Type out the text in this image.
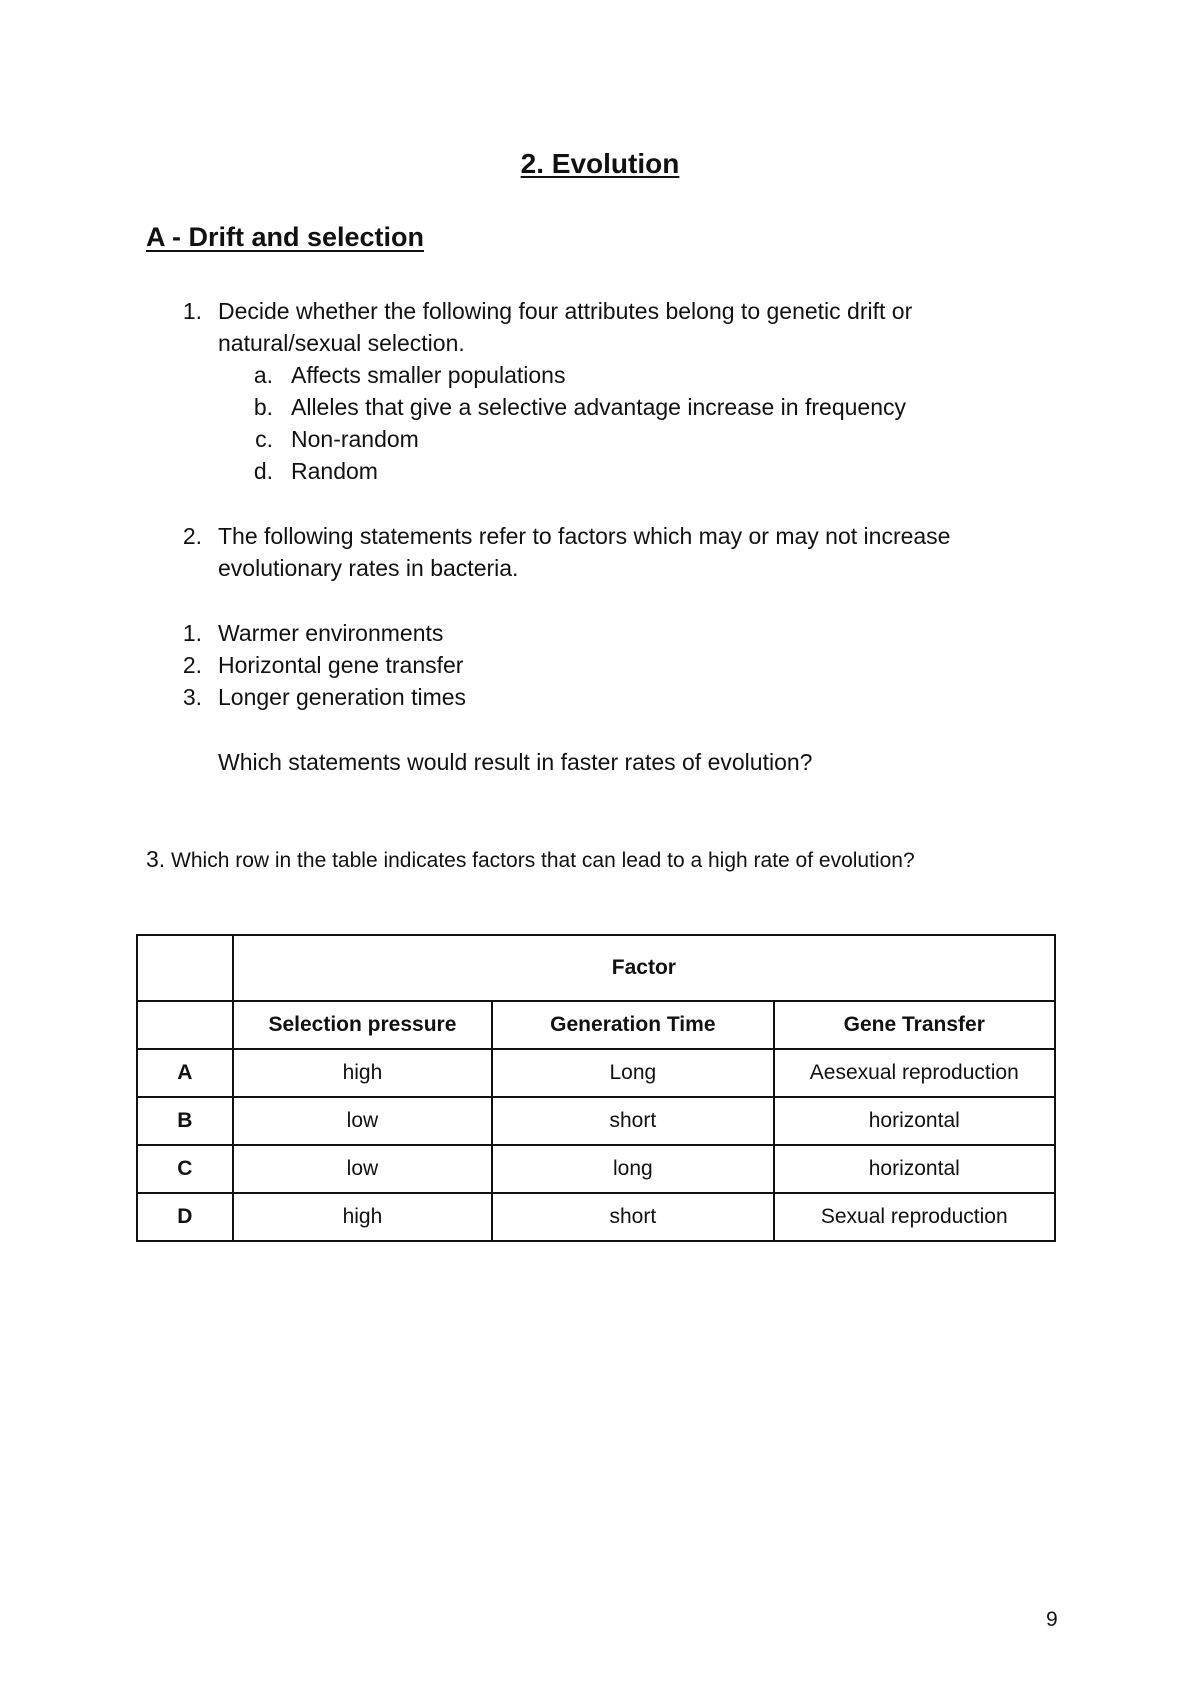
2. Evolution
A - Drift and selection
1. Decide whether the following four attributes belong to genetic drift or
natural/sexual selection.
a. Affects smaller populations
b. Alleles that give a selective advantage increase in frequency
c. Non-random
d. Random
2. The following statements refer to factors which may or may not increase
evolutionary rates in bacteria.
1. Warmer environments
2. Horizontal gene transfer
3. Longer generation times
Which statements would result in faster rates of evolution?
3. Which row in the table indicates factors that can lead to a high rate of evolution?
	Factor		
	Selection pressure	Generation Time	Gene Transfer
A	high	Long	Aesexual reproduction
B	low	short	horizontal
C	low	long	horizontal
D	high	short	Sexual reproduction
9
